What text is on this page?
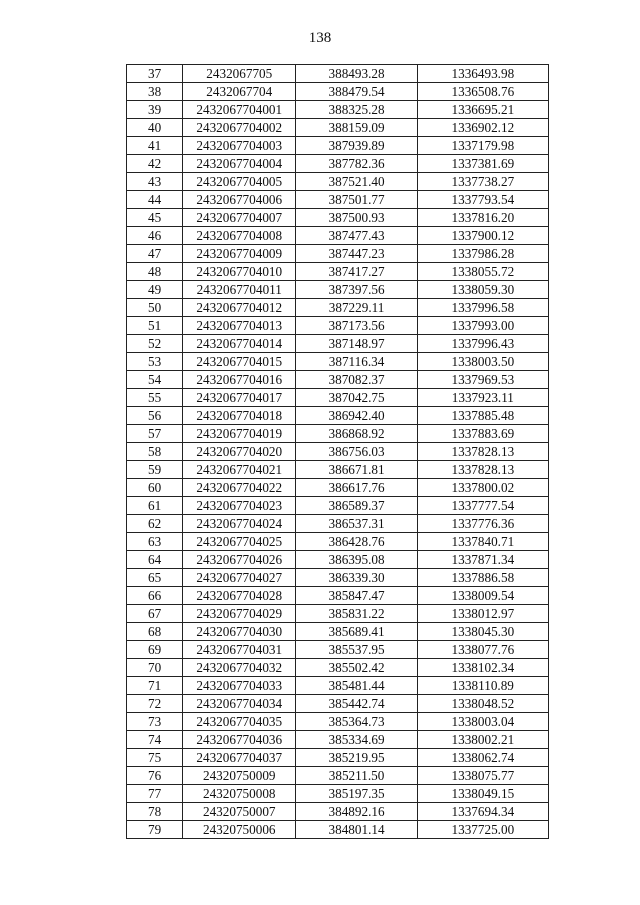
138
37	2432067705	388493.28	1336493.98
38	2432067704	388479.54	1336508.76
39	2432067704001	388325.28	1336695.21
40	2432067704002	388159.09	1336902.12
41	2432067704003	387939.89	1337179.98
42	2432067704004	387782.36	1337381.69
43	2432067704005	387521.40	1337738.27
44	2432067704006	387501.77	1337793.54
45	2432067704007	387500.93	1337816.20
46	2432067704008	387477.43	1337900.12
47	2432067704009	387447.23	1337986.28
48	2432067704010	387417.27	1338055.72
49	2432067704011	387397.56	1338059.30
50	2432067704012	387229.11	1337996.58
51	2432067704013	387173.56	1337993.00
52	2432067704014	387148.97	1337996.43
53	2432067704015	387116.34	1338003.50
54	2432067704016	387082.37	1337969.53
55	2432067704017	387042.75	1337923.11
56	2432067704018	386942.40	1337885.48
57	2432067704019	386868.92	1337883.69
58	2432067704020	386756.03	1337828.13
59	2432067704021	386671.81	1337828.13
60	2432067704022	386617.76	1337800.02
61	2432067704023	386589.37	1337777.54
62	2432067704024	386537.31	1337776.36
63	2432067704025	386428.76	1337840.71
64	2432067704026	386395.08	1337871.34
65	2432067704027	386339.30	1337886.58
66	2432067704028	385847.47	1338009.54
67	2432067704029	385831.22	1338012.97
68	2432067704030	385689.41	1338045.30
69	2432067704031	385537.95	1338077.76
70	2432067704032	385502.42	1338102.34
71	2432067704033	385481.44	1338110.89
72	2432067704034	385442.74	1338048.52
73	2432067704035	385364.73	1338003.04
74	2432067704036	385334.69	1338002.21
75	2432067704037	385219.95	1338062.74
76	24320750009	385211.50	1338075.77
77	24320750008	385197.35	1338049.15
78	24320750007	384892.16	1337694.34
79	24320750006	384801.14	1337725.00
